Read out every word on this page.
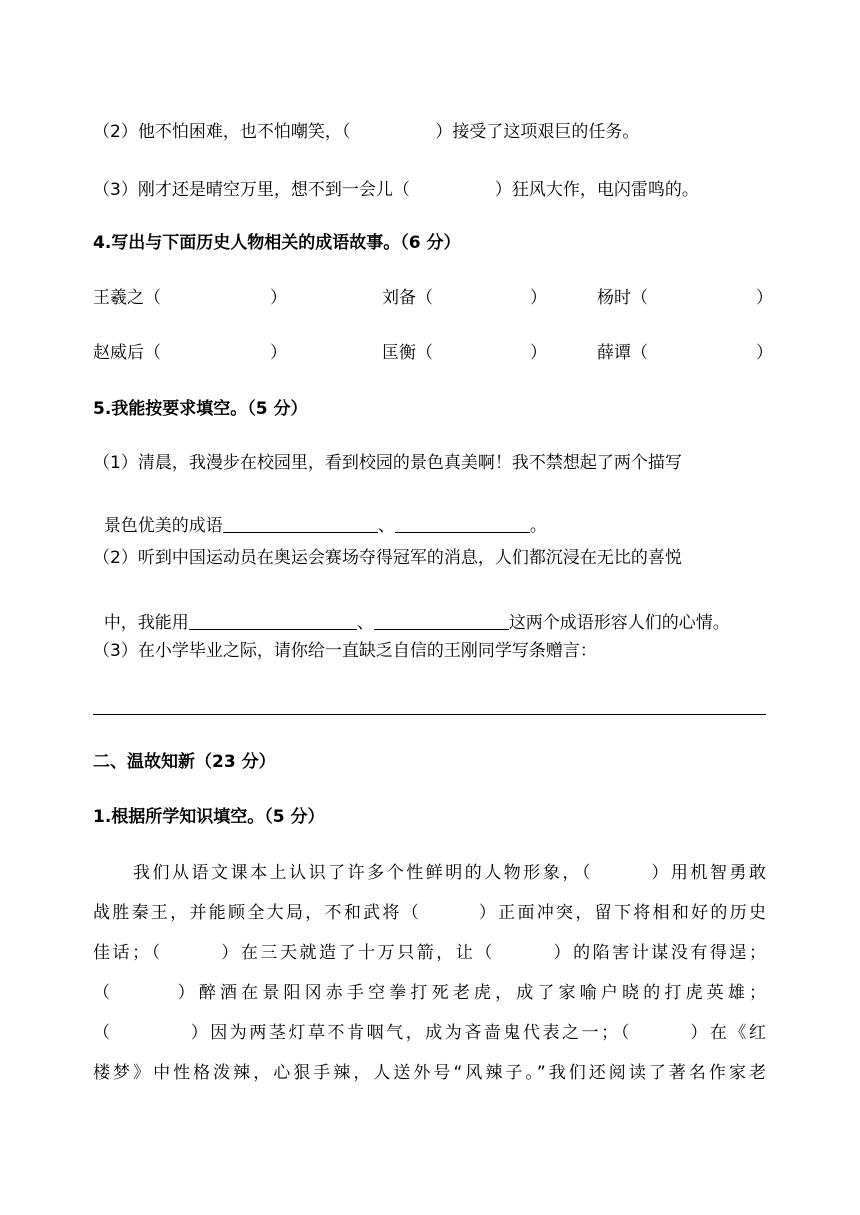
（2）他不怕困难，也不怕嘲笑，（　　　　　）接受了这项艰巨的任务。
（3）刚才还是晴空万里，想不到一会儿（　　　　　）狂风大作，电闪雷鸣的。
4.写出与下面历史人物相关的成语故事。（6 分）
王羲之（	）	刘备（	）	杨时（	）
赵威后（	）	匡衡（	）	薛谭（	）
5.我能按要求填空。（5 分）
（1）清晨，我漫步在校园里，看到校园的景色真美啊！我不禁想起了两个描写

景色优美的成语	、	。

（2）听到中国运动员在奥运会赛场夺得冠军的消息，人们都沉浸在无比的喜悦

中，我能用	、	这两个成语形容人们的心情。

（3）在小学毕业之际，请你给一直缺乏自信的王刚同学写条赠言：
二、温故知新（23 分）
1.根据所学知识填空。（5 分）
我们从语文课本上认识了许多个性鲜明的人物形象，（　　　）用机智勇敢
战胜秦王，并能顾全大局，不和武将（　　　）正面冲突，留下将相和好的历史
佳话；（　　　）在三天就造了十万只箭，让（　　　）的陷害计谋没有得逞；
（　　　）醉酒在景阳冈赤手空拳打死老虎，成了家喻户晓的打虎英雄；
（　　　　）因为两茎灯草不肯咽气，成为吝啬鬼代表之一；（　　　）在《红
楼梦》中性格泼辣，心狠手辣，人送外号“风辣子。”我们还阅读了著名作家老
